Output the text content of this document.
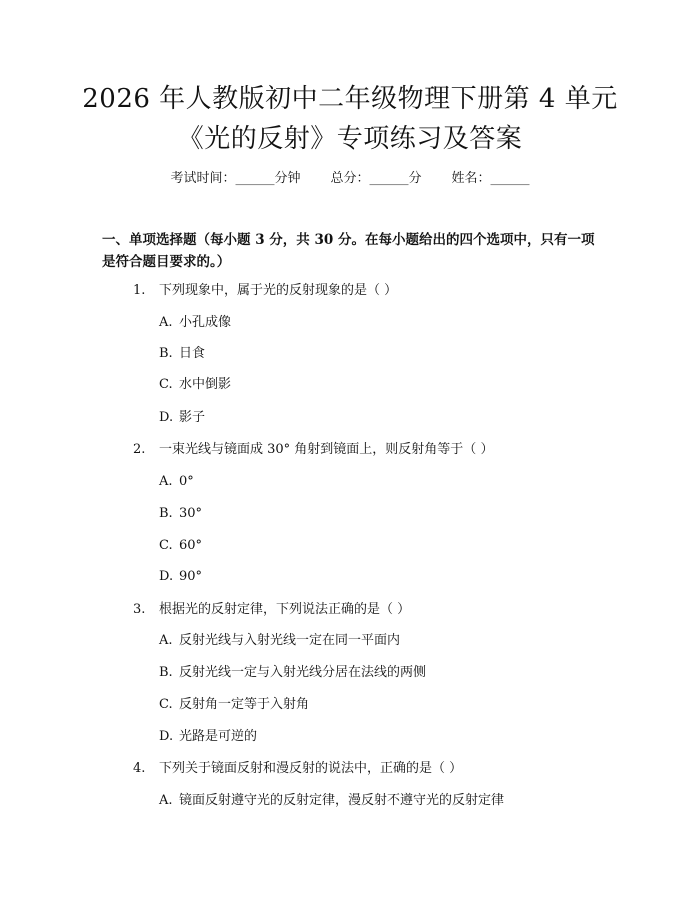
2026 年人教版初中二年级物理下册第 4 单元
《光的反射》专项练习及答案
考试时间：______分钟 总分：______分 姓名：______
一、单项选择题（每小题 3 分，共 30 分。在每小题给出的四个选项中，只有一项是符合题目要求的。）
1. 下列现象中，属于光的反射现象的是（ ）
A. 小孔成像
B. 日食
C. 水中倒影
D. 影子
2. 一束光线与镜面成 30° 角射到镜面上，则反射角等于（ ）
A. 0°
B. 30°
C. 60°
D. 90°
3. 根据光的反射定律，下列说法正确的是（ ）
A. 反射光线与入射光线一定在同一平面内
B. 反射光线一定与入射光线分居在法线的两侧
C. 反射角一定等于入射角
D. 光路是可逆的
4. 下列关于镜面反射和漫反射的说法中，正确的是（ ）
A. 镜面反射遵守光的反射定律，漫反射不遵守光的反射定律
